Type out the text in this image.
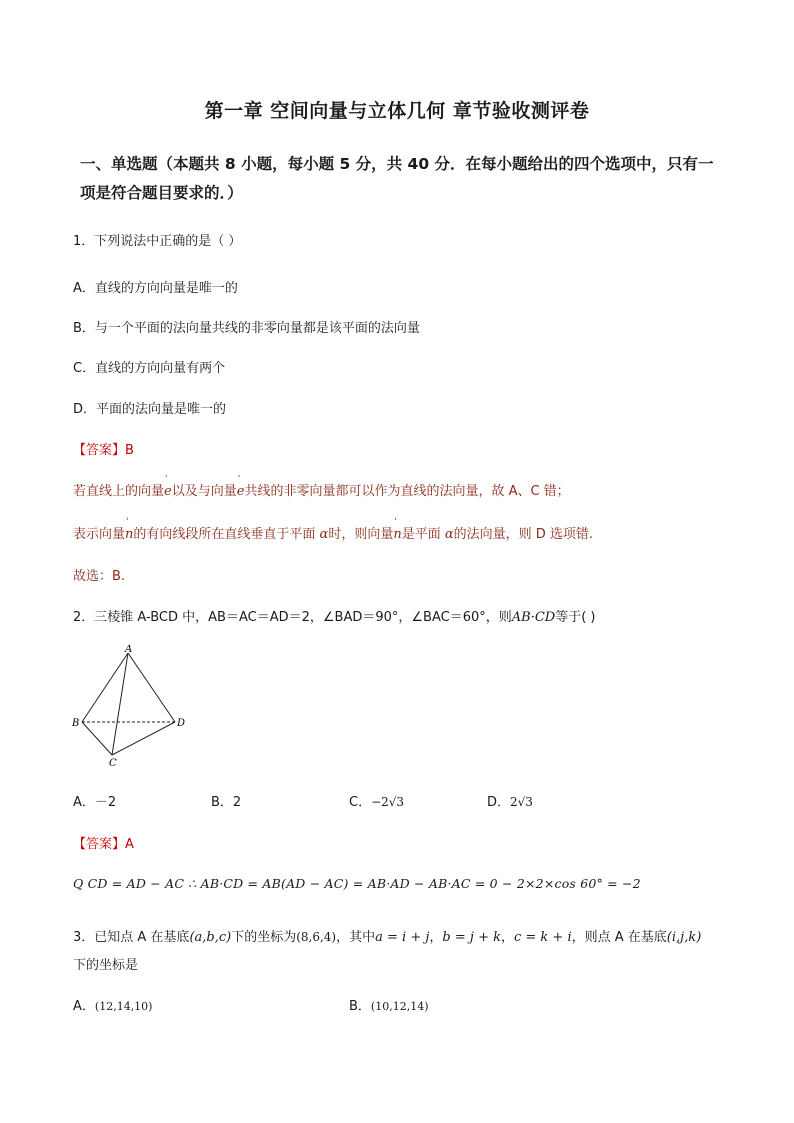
第一章 空间向量与立体几何 章节验收测评卷
一、单选题（本题共 8 小题，每小题 5 分，共 40 分．在每小题给出的四个选项中，只有一项是符合题目要求的．）
1．下列说法中正确的是（ ）
A．直线的方向向量是唯一的
B．与一个平面的法向量共线的非零向量都是该平面的法向量
C．直线的方向向量有两个
D．平面的法向量是唯一的
【答案】B
若直线上的向量ʹ e以及与向量ʹ e共线的非零向量都可以作为直线的法向量，故 A、C 错；
表示向量ʹ n的有向线段所在直线垂直于平面 α时，则向量ʹ n是平面 α的法向量，则 D 选项错.
故选：B.
2．三棱锥 A-BCD 中，AB＝AC＝AD＝2，∠BAD＝90°，∠BAC＝60°，则AB·CD等于( )
A
B
C
D
A．－2	B．2	C．−2√3	D．2√3
【答案】A
Q CD = AD − AC ∴ AB·CD = AB(AD − AC) = AB·AD − AB·AC = 0 − 2×2×cos 60° = −2
3．已知点 A 在基底(a,b,c)下的坐标为(8,6,4)，其中a = i + j，b = j + k，c = k + i，则点 A 在基底(i,j,k)
下的坐标是
A．(12,14,10)	B．(10,12,14)
